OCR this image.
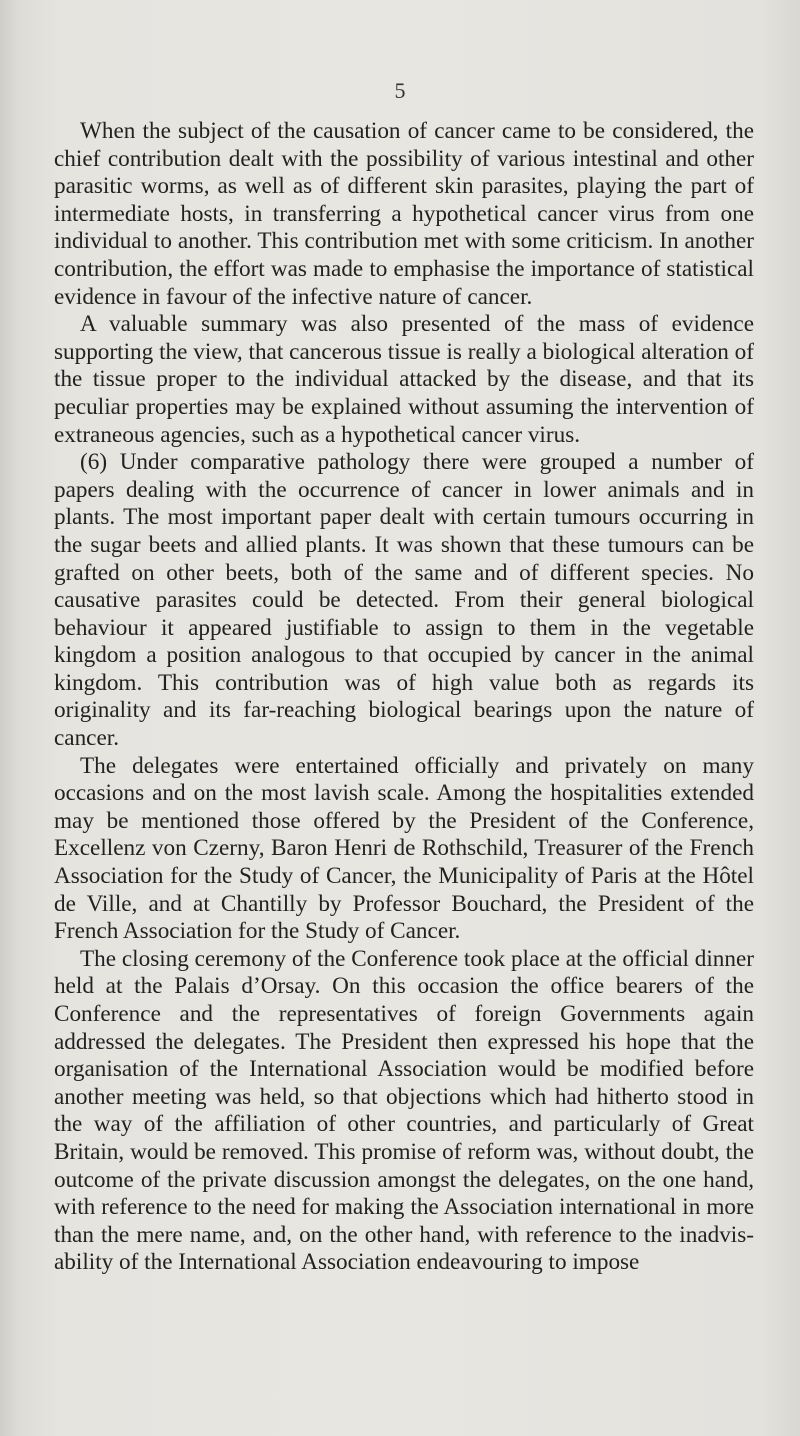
5

When the subject of the causation of cancer came to be considered, the chief contribution dealt with the possibility of various intestinal and other parasitic worms, as well as of different skin parasites, playing the part of intermediate hosts, in transferring a hypothetical cancer virus from one individual to another. This contribution met with some criticism. In another contribution, the effort was made to emphasise the importance of statistical evidence in favour of the infective nature of cancer.

A valuable summary was also presented of the mass of evidence supporting the view, that cancerous tissue is really a biological alteration of the tissue proper to the individual attacked by the disease, and that its peculiar properties may be explained without assuming the intervention of extraneous agencies, such as a hypothetical cancer virus.

(6) Under comparative pathology there were grouped a number of papers dealing with the occurrence of cancer in lower animals and in plants. The most important paper dealt with certain tumours occurring in the sugar beets and allied plants. It was shown that these tumours can be grafted on other beets, both of the same and of different species. No causative parasites could be detected. From their general biological behaviour it appeared justifiable to assign to them in the vegetable kingdom a position analogous to that occupied by cancer in the animal kingdom. This contribution was of high value both as regards its originality and its far-reaching biological bearings upon the nature of cancer.

The delegates were entertained officially and privately on many occasions and on the most lavish scale. Among the hospitalities extended may be mentioned those offered by the President of the Conference, Excellenz von Czerny, Baron Henri de Rothschild, Treasurer of the French Association for the Study of Cancer, the Municipality of Paris at the Hôtel de Ville, and at Chantilly by Professor Bouchard, the President of the French Association for the Study of Cancer.

The closing ceremony of the Conference took place at the official dinner held at the Palais d’Orsay. On this occasion the office bearers of the Conference and the representatives of foreign Governments again addressed the delegates. The President then expressed his hope that the organisation of the International Association would be modified before another meeting was held, so that objections which had hitherto stood in the way of the affiliation of other countries, and particularly of Great Britain, would be removed. This promise of reform was, without doubt, the outcome of the private discussion amongst the delegates, on the one hand, with reference to the need for making the Association international in more than the mere name, and, on the other hand, with reference to the inadvis-ability of the International Association endeavouring to impose
